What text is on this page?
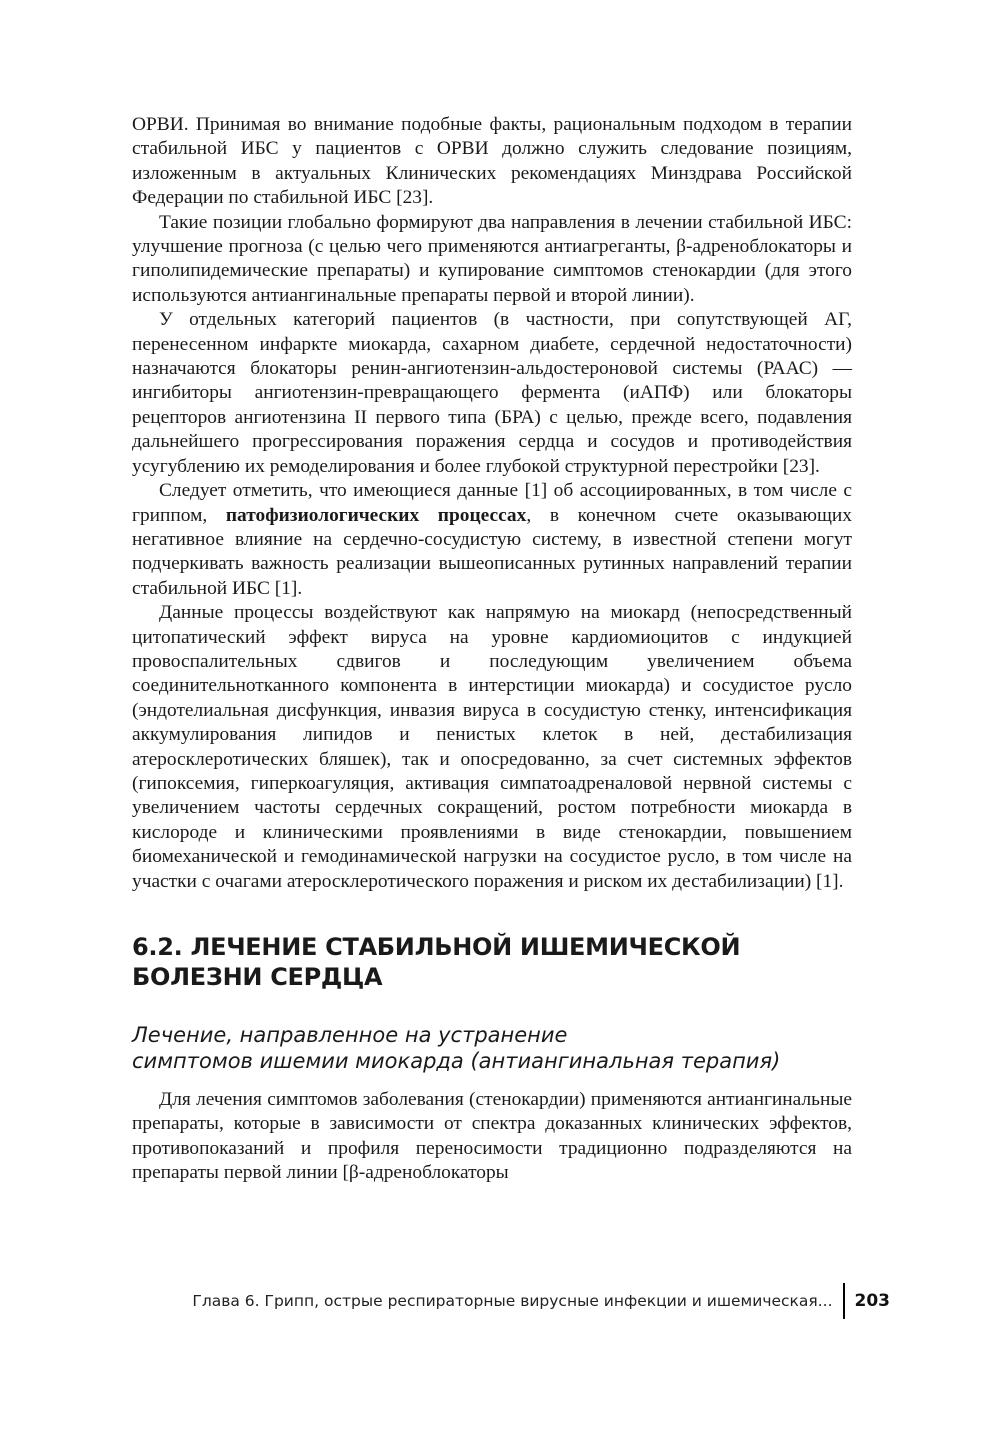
ОРВИ. Принимая во внимание подобные факты, рациональным подходом в терапии стабильной ИБС у пациентов с ОРВИ должно служить следование позициям, изложенным в актуальных Клинических рекомендациях Минздрава Российской Федерации по стабильной ИБС [23].

Такие позиции глобально формируют два направления в лечении стабильной ИБС: улучшение прогноза (с целью чего применяются антиагреганты, β-адреноблокаторы и гиполипидемические препараты) и купирование симптомов стенокардии (для этого используются антиангинальные препараты первой и второй линии).

У отдельных категорий пациентов (в частности, при сопутствующей АГ, перенесенном инфаркте миокарда, сахарном диабете, сердечной недостаточности) назначаются блокаторы ренин-ангиотензин-альдостероновой системы (РААС) — ингибиторы ангиотензин-превращающего фермента (иАПФ) или блокаторы рецепторов ангиотензина II первого типа (БРА) с целью, прежде всего, подавления дальнейшего прогрессирования поражения сердца и сосудов и противодействия усугублению их ремоделирования и более глубокой структурной перестройки [23].

Следует отметить, что имеющиеся данные [1] об ассоциированных, в том числе с гриппом, патофизиологических процессах, в конечном счете оказывающих негативное влияние на сердечно-сосудистую систему, в известной степени могут подчеркивать важность реализации вышеописанных рутинных направлений терапии стабильной ИБС [1].

Данные процессы воздействуют как напрямую на миокард (непосредственный цитопатический эффект вируса на уровне кардиомиоцитов с индукцией провоспалительных сдвигов и последующим увеличением объема соединительнотканного компонента в интерстиции миокарда) и сосудистое русло (эндотелиальная дисфункция, инвазия вируса в сосудистую стенку, интенсификация аккумулирования липидов и пенистых клеток в ней, дестабилизация атеросклеротических бляшек), так и опосредованно, за счет системных эффектов (гипоксемия, гиперкоагуляция, активация симпатоадреналовой нервной системы с увеличением частоты сердечных сокращений, ростом потребности миокарда в кислороде и клиническими проявлениями в виде стенокардии, повышением биомеханической и гемодинамической нагрузки на сосудистое русло, в том числе на участки с очагами атеросклеротического поражения и риском их дестабилизации) [1].

6.2. ЛЕЧЕНИЕ СТАБИЛЬНОЙ ИШЕМИЧЕСКОЙ
БОЛЕЗНИ СЕРДЦА
Лечение, направленное на устранение
симптомов ишемии миокарда (антиангинальная терапия)

Для лечения симптомов заболевания (стенокардии) применяются антиангинальные препараты, которые в зависимости от спектра доказанных клинических эффектов, противопоказаний и профиля переносимости традиционно подразделяются на препараты первой линии [β-адреноблокаторы

Глава 6. Грипп, острые респираторные вирусные инфекции и ишемическая...	203
